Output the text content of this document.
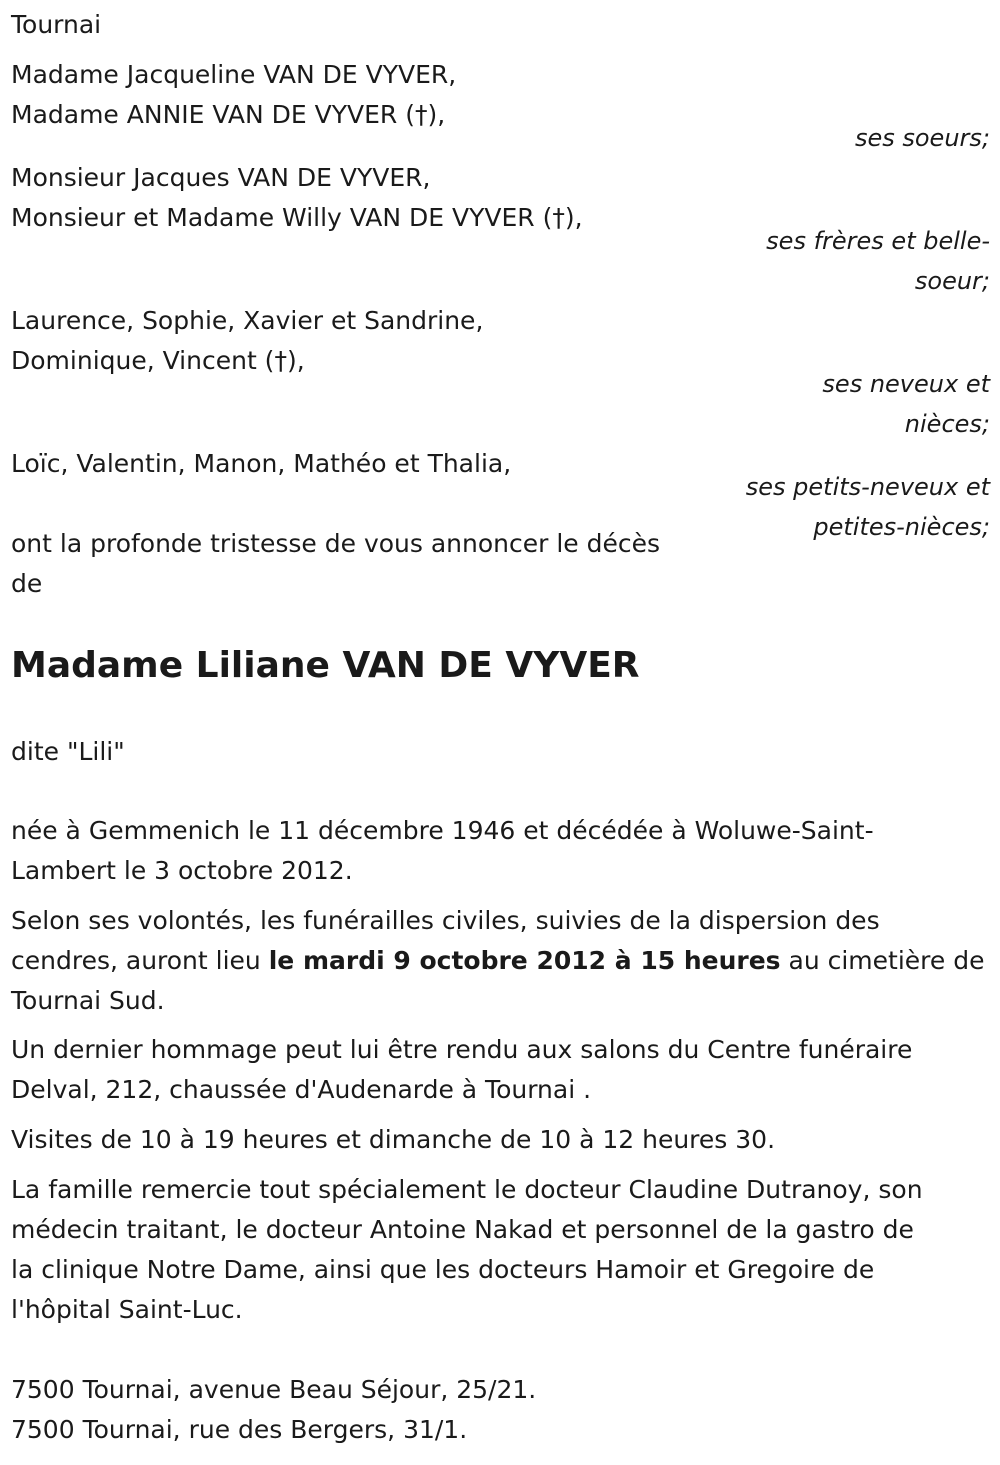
Tournai
Madame Jacqueline VAN DE VYVER,
Madame ANNIE VAN DE VYVER (†),
ses soeurs;
Monsieur Jacques VAN DE VYVER,
Monsieur et Madame Willy VAN DE VYVER (†),
ses frères et belle-
soeur;
Laurence, Sophie, Xavier et Sandrine,
Dominique, Vincent (†),
ses neveux et
nièces;
Loïc, Valentin, Manon, Mathéo et Thalia,
ses petits-neveux et
petites-nièces;
ont la profonde tristesse de vous annoncer le décès
de
Madame Liliane VAN DE VYVER
dite "Lili"
née à Gemmenich le 11 décembre 1946 et décédée à Woluwe-Saint-
Lambert le 3 octobre 2012.
Selon ses volontés, les funérailles civiles, suivies de la dispersion des
cendres, auront lieu le mardi 9 octobre 2012 à 15 heures au cimetière de
Tournai Sud.
Un dernier hommage peut lui être rendu aux salons du Centre funéraire
Delval, 212, chaussée d'Audenarde à Tournai .
Visites de 10 à 19 heures et dimanche de 10 à 12 heures 30.
La famille remercie tout spécialement le docteur Claudine Dutranoy, son
médecin traitant, le docteur Antoine Nakad et personnel de la gastro de
la clinique Notre Dame, ainsi que les docteurs Hamoir et Gregoire de
l'hôpital Saint-Luc.
7500 Tournai, avenue Beau Séjour, 25/21.
7500 Tournai, rue des Bergers, 31/1.
